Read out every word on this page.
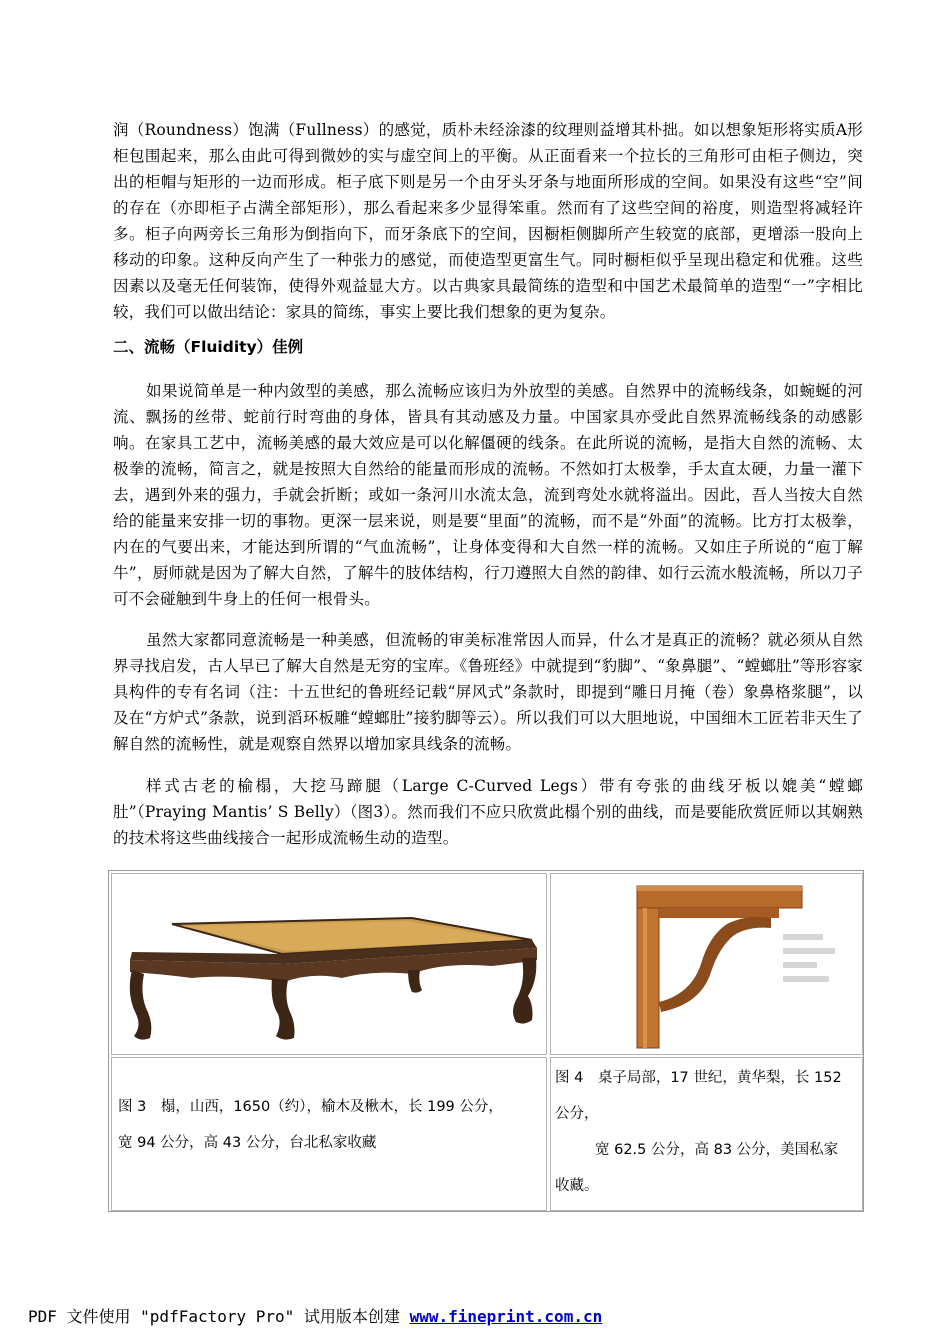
润（Roundness）饱满（Fullness）的感觉，质朴未经涂漆的纹理则益增其朴拙。如以想象矩形将实质A形柜包围起来，那么由此可得到微妙的实与虚空间上的平衡。从正面看来一个拉长的三角形可由柜子侧边，突出的柜帽与矩形的一边而形成。柜子底下则是另一个由牙头牙条与地面所形成的空间。如果没有这些“空”间的存在（亦即柜子占满全部矩形），那么看起来多少显得笨重。然而有了这些空间的裕度，则造型将减轻许多。柜子向两旁长三角形为倒指向下，而牙条底下的空间，因橱柜侧脚所产生较宽的底部，更增添一股向上移动的印象。这种反向产生了一种张力的感觉，而使造型更富生气。同时橱柜似乎呈现出稳定和优雅。这些因素以及毫无任何装饰，使得外观益显大方。以古典家具最简练的造型和中国艺术最简单的造型“一”字相比较，我们可以做出结论：家具的简练，事实上要比我们想象的更为复杂。

二、流畅（Fluidity）佳例

如果说简单是一种内敛型的美感，那么流畅应该归为外放型的美感。自然界中的流畅线条，如蜿蜒的河流、飘扬的丝带、蛇前行时弯曲的身体，皆具有其动感及力量。中国家具亦受此自然界流畅线条的动感影响。在家具工艺中，流畅美感的最大效应是可以化解僵硬的线条。在此所说的流畅，是指大自然的流畅、太极拳的流畅，简言之，就是按照大自然给的能量而形成的流畅。不然如打太极拳，手太直太硬，力量一灌下去，遇到外来的强力，手就会折断；或如一条河川水流太急，流到弯处水就将溢出。因此，吾人当按大自然给的能量来安排一切的事物。更深一层来说，则是要“里面”的流畅，而不是“外面”的流畅。比方打太极拳，内在的气要出来，才能达到所谓的“气血流畅”，让身体变得和大自然一样的流畅。又如庄子所说的“庖丁解牛”，厨师就是因为了解大自然，了解牛的肢体结构，行刀遵照大自然的韵律、如行云流水般流畅，所以刀子可不会碰触到牛身上的任何一根骨头。

虽然大家都同意流畅是一种美感，但流畅的审美标准常因人而异，什么才是真正的流畅？就必须从自然界寻找启发，古人早已了解大自然是无穷的宝库。《鲁班经》中就提到“豹脚”、“象鼻腿”、“螳螂肚”等形容家具构件的专有名词（注：十五世纪的鲁班经记载“屏风式”条款时，即提到“雕日月掩（卷）象鼻格浆腿”，以及在“方炉式”条款，说到滔环板雕“螳螂肚”接豹脚等云）。所以我们可以大胆地说，中国细木工匠若非天生了解自然的流畅性，就是观察自然界以增加家具线条的流畅。

样式古老的榆榻，大挖马蹄腿（Large C-Curved Legs）带有夸张的曲线牙板以媲美“螳螂肚”（Praying Mantis’ S Belly）（图3）。然而我们不应只欣赏此榻个别的曲线，而是要能欣赏匠师以其娴熟的技术将这些曲线接合一起形成流畅生动的造型。

图 3　榻，山西，1650（约），榆木及楸木，长 199 公分，

宽 94 公分，高 43 公分，台北私家收藏

图 4　桌子局部，17 世纪，黄华梨，长 152

公分，

宽 62.5 公分，高 83 公分，美国私家

收藏。

PDF 文件使用 "pdfFactory Pro" 试用版本创建 www.fineprint.com.cn
